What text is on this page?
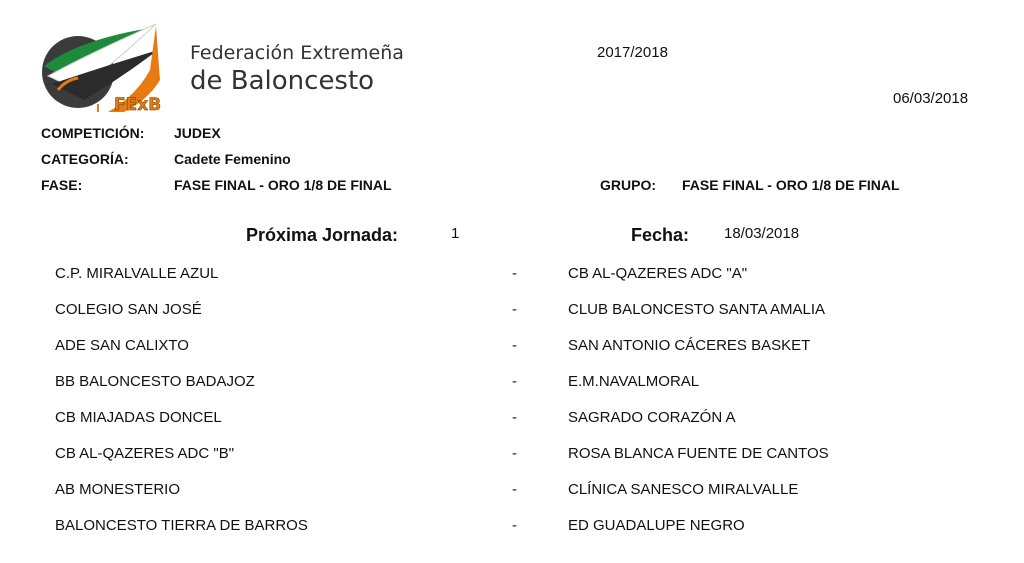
FExB
Federación Extremeña
de Baloncesto
2017/2018
06/03/2018
COMPETICIÓN: JUDEX
CATEGORÍA:	Cadete Femenino
FASE:	FASE FINAL - ORO 1/8 DE FINAL	GRUPO: FASE FINAL - ORO 1/8 DE FINAL
Próxima Jornada:	1	Fecha: 18/03/2018
C.P. MIRALVALLE AZUL	-	CB AL-QAZERES ADC "A"
COLEGIO SAN JOSÉ	-	CLUB BALONCESTO SANTA AMALIA
ADE SAN CALIXTO	-	SAN ANTONIO CÁCERES BASKET
BB BALONCESTO BADAJOZ	-	E.M.NAVALMORAL
CB MIAJADAS DONCEL	-	SAGRADO CORAZÓN A
CB AL-QAZERES ADC "B"	-	ROSA BLANCA FUENTE DE CANTOS
AB MONESTERIO	-	CLÍNICA SANESCO MIRALVALLE
BALONCESTO TIERRA DE BARROS	-	ED GUADALUPE NEGRO
